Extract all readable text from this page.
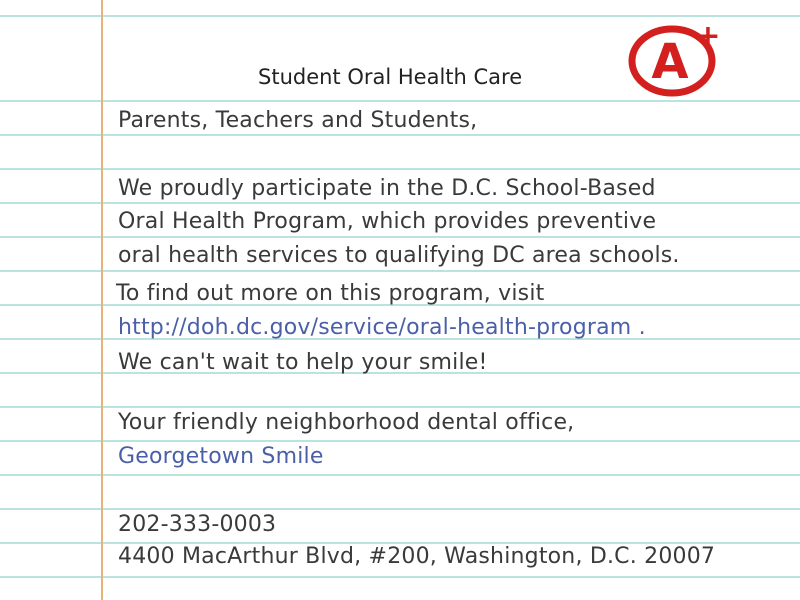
Student Oral Health Care	A +
Parents, Teachers and Students,
We proudly participate in the D.C. School-Based
Oral Health Program, which provides preventive
oral health services to qualifying DC area schools.
To find out more on this program, visit
http://doh.dc.gov/service/oral-health-program .
We can't wait to help your smile!
Your friendly neighborhood dental office,
Georgetown Smile
202-333-0003
4400 MacArthur Blvd, #200, Washington, D.C. 20007
